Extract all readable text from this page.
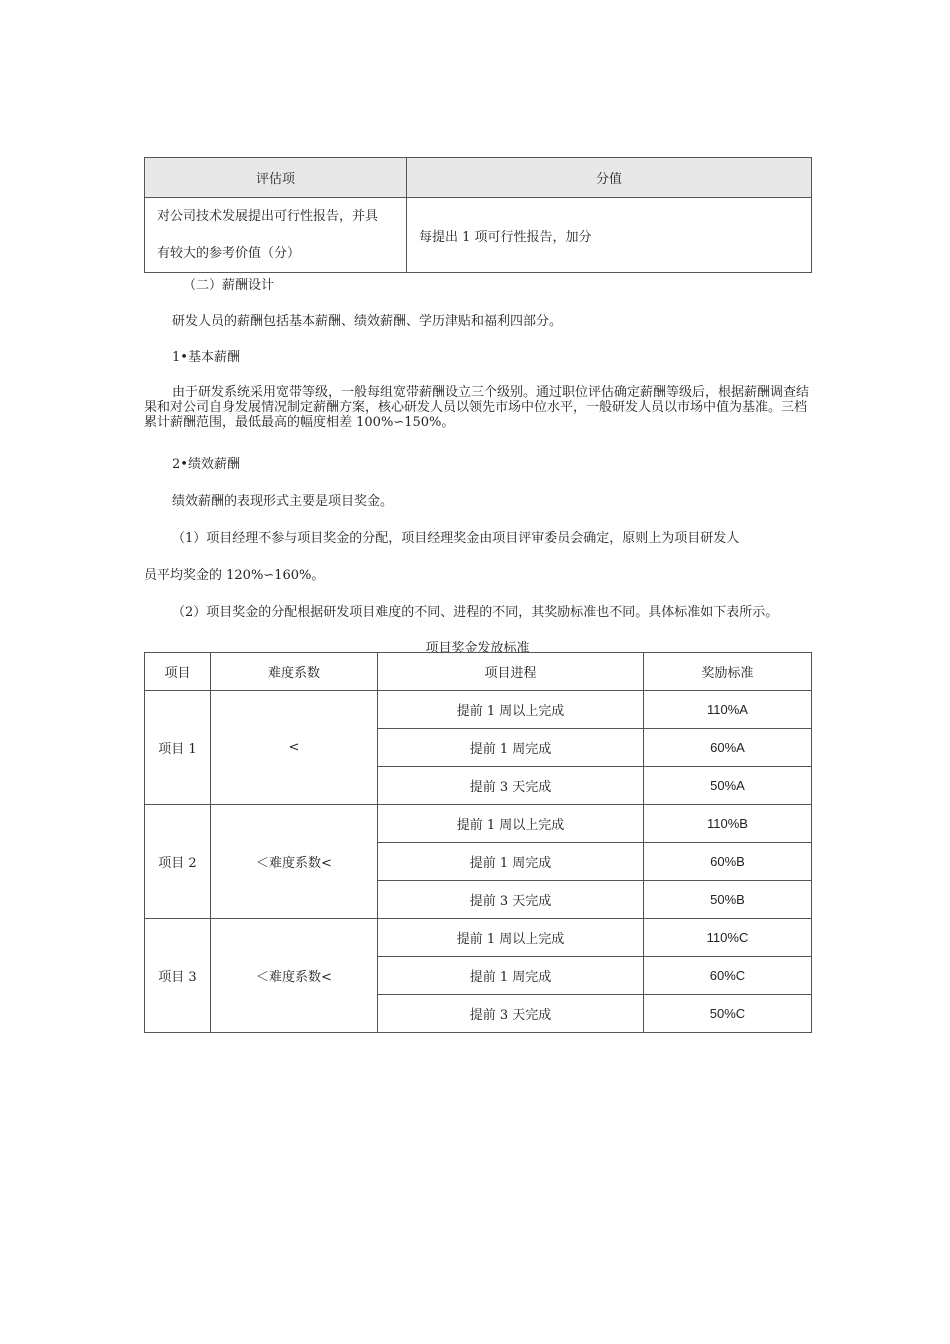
评估项	分值

对公司技术发展提出可行性报告，并具
有较大的参考价值（分）	每提出 1 项可行性报告，加分
（二）薪酬设计
研发人员的薪酬包括基本薪酬、绩效薪酬、学历津贴和福利四部分。
1•基本薪酬
由于研发系统采用宽带等级，一般每组宽带薪酬设立三个级别。通过职位评估确定薪酬等级后，根据薪酬调查结果和对公司自身发展情况制定薪酬方案，核心研发人员以领先市场中位水平，一般研发人员以市场中值为基准。三档累计薪酬范围，最低最高的幅度相差 100%∽150%。
2•绩效薪酬
绩效薪酬的表现形式主要是项目奖金。
（1）项目经理不参与项目奖金的分配，项目经理奖金由项目评审委员会确定，原则上为项目研发人
员平均奖金的 120%∽160%。
（2）项目奖金的分配根据研发项目难度的不同、进程的不同，其奖励标准也不同。具体标准如下表所示。
项目奖金发放标准
项目	难度系数	项目进程	奖励标准
项目 1	<	提前 1 周以上完成	110%A
		提前 1 周完成	60%A
		提前 3 天完成	50%A
项目 2	＜难度系数<	提前 1 周以上完成	110%B
		提前 1 周完成	60%B
		提前 3 天完成	50%B
项目 3	＜难度系数<	提前 1 周以上完成	110%C
		提前 1 周完成	60%C
		提前 3 天完成	50%C
